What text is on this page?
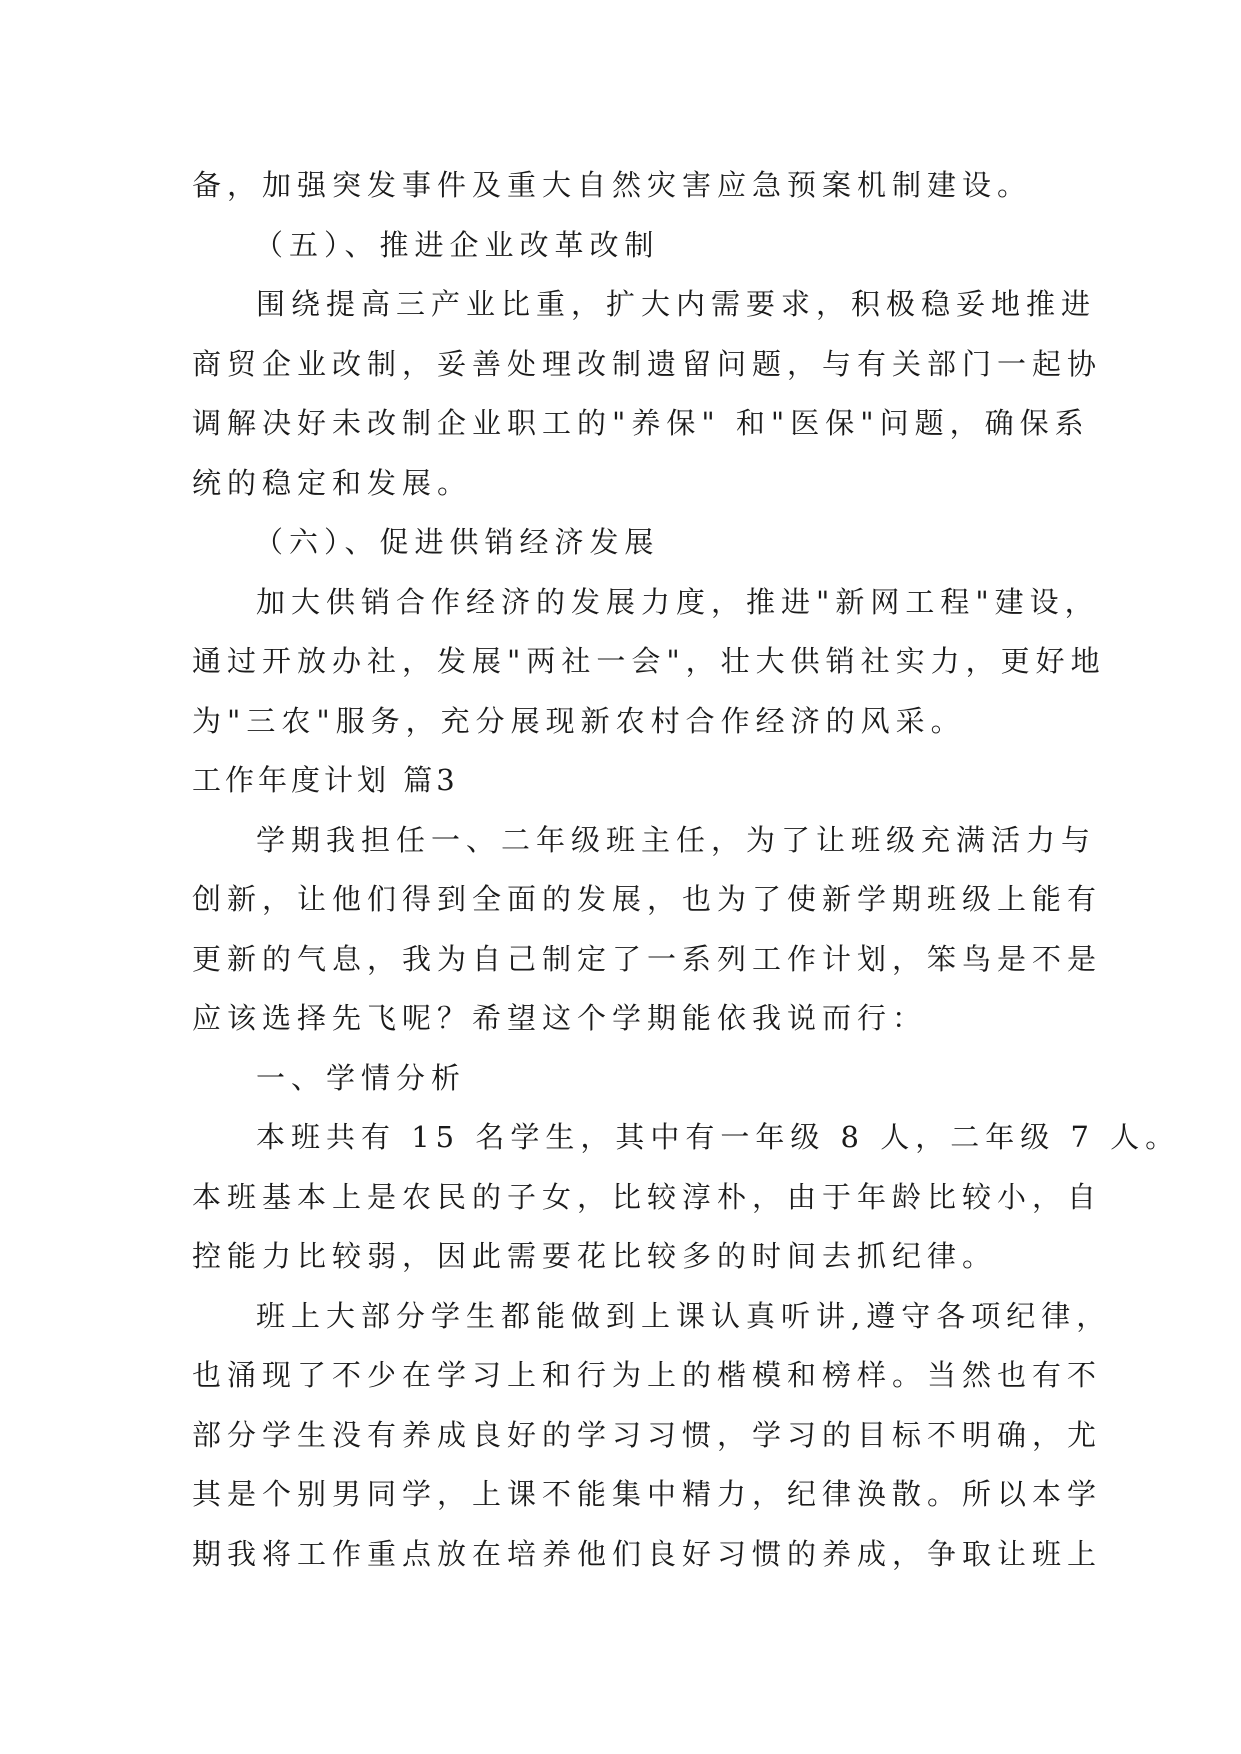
备，加强突发事件及重大自然灾害应急预案机制建设。
（五）、推进企业改革改制
围绕提高三产业比重，扩大内需要求，积极稳妥地推进
商贸企业改制，妥善处理改制遗留问题，与有关部门一起协
调解决好未改制企业职工的"养保" 和"医保"问题，确保系
统的稳定和发展。
（六）、促进供销经济发展
加大供销合作经济的发展力度，推进"新网工程"建设，
通过开放办社，发展"两社一会"，壮大供销社实力，更好地
为"三农"服务，充分展现新农村合作经济的风采。
工作年度计划 篇3
学期我担任一、二年级班主任，为了让班级充满活力与
创新，让他们得到全面的发展，也为了使新学期班级上能有
更新的气息，我为自己制定了一系列工作计划，笨鸟是不是
应该选择先飞呢？希望这个学期能依我说而行：
一、学情分析
本班共有 15 名学生，其中有一年级 8 人，二年级 7 人。
本班基本上是农民的子女，比较淳朴，由于年龄比较小，自
控能力比较弱，因此需要花比较多的时间去抓纪律。
班上大部分学生都能做到上课认真听讲,遵守各项纪律，
也涌现了不少在学习上和行为上的楷模和榜样。当然也有不
部分学生没有养成良好的学习习惯，学习的目标不明确，尤
其是个别男同学，上课不能集中精力，纪律涣散。所以本学
期我将工作重点放在培养他们良好习惯的养成，争取让班上
